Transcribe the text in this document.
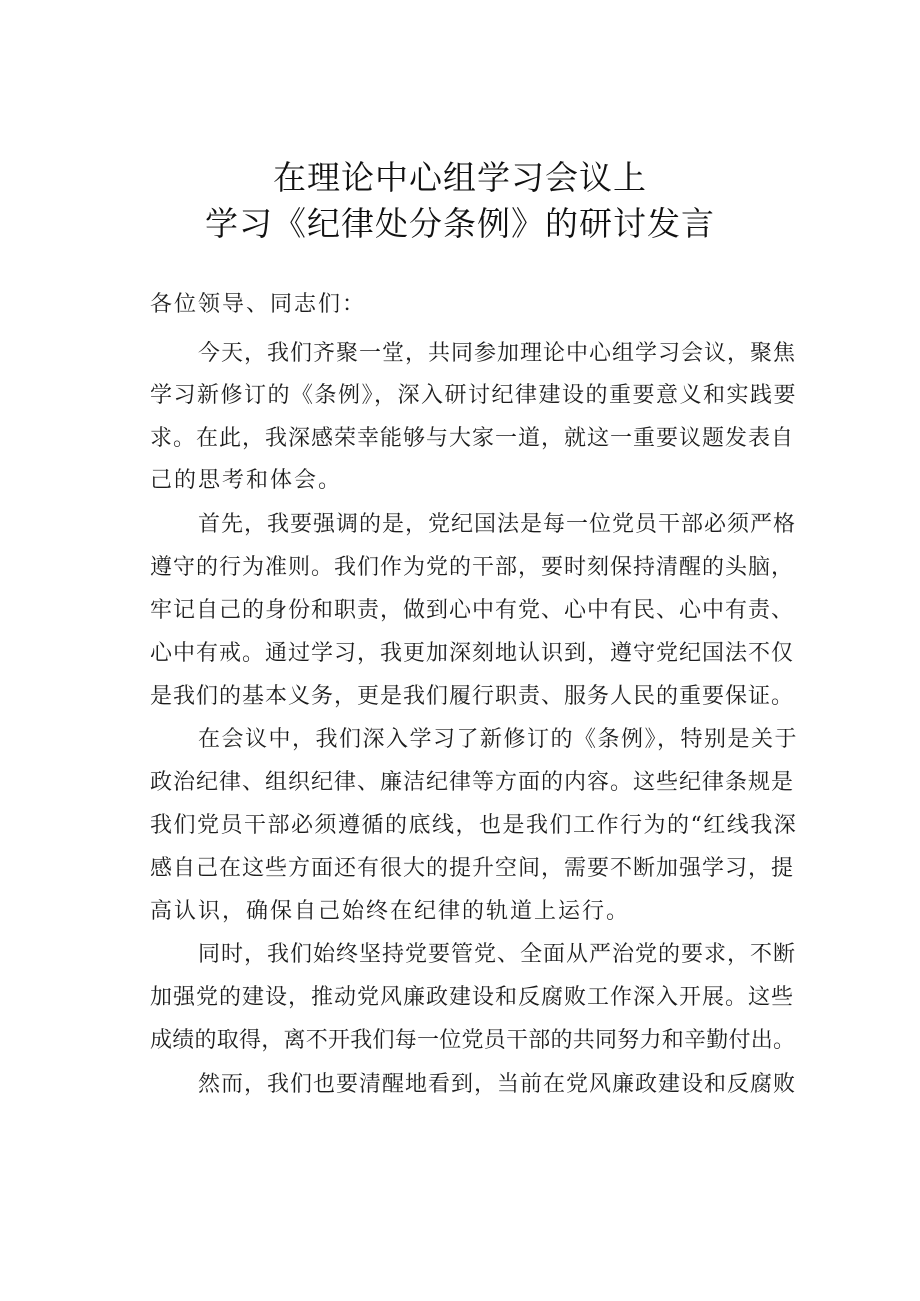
在理论中心组学习会议上
学习《纪律处分条例》的研讨发言
各位领导、同志们：
今天，我们齐聚一堂，共同参加理论中心组学习会议，聚焦
学习新修订的《条例》，深入研讨纪律建设的重要意义和实践要
求。在此，我深感荣幸能够与大家一道，就这一重要议题发表自
己的思考和体会。
首先，我要强调的是，党纪国法是每一位党员干部必须严格
遵守的行为准则。我们作为党的干部，要时刻保持清醒的头脑，
牢记自己的身份和职责，做到心中有党、心中有民、心中有责、
心中有戒。通过学习，我更加深刻地认识到，遵守党纪国法不仅
是我们的基本义务，更是我们履行职责、服务人民的重要保证。
在会议中，我们深入学习了新修订的《条例》，特别是关于
政治纪律、组织纪律、廉洁纪律等方面的内容。这些纪律条规是
我们党员干部必须遵循的底线，也是我们工作行为的“红线我深
感自己在这些方面还有很大的提升空间，需要不断加强学习，提
高认识，确保自己始终在纪律的轨道上运行。
同时，我们始终坚持党要管党、全面从严治党的要求，不断
加强党的建设，推动党风廉政建设和反腐败工作深入开展。这些
成绩的取得，离不开我们每一位党员干部的共同努力和辛勤付出。
然而，我们也要清醒地看到，当前在党风廉政建设和反腐败
